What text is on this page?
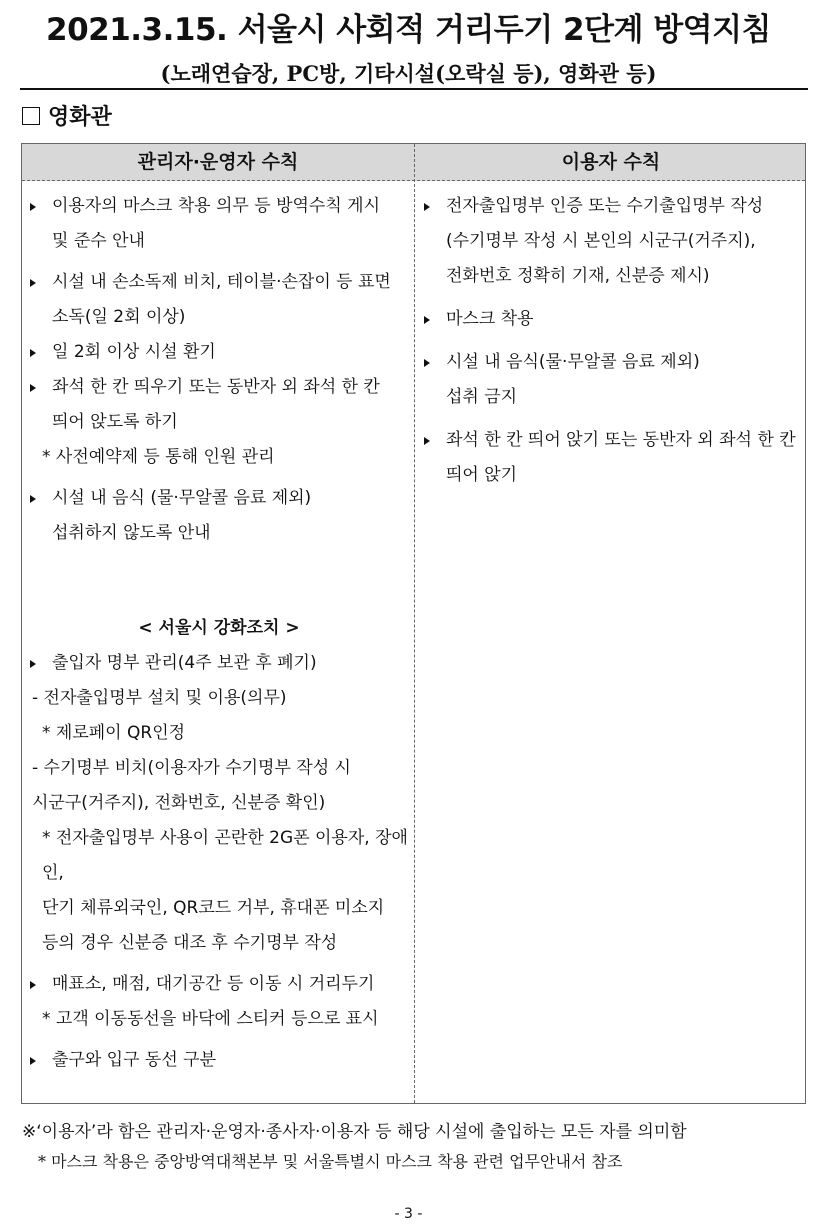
2021.3.15. 서울시 사회적 거리두기 2단계 방역지침
(노래연습장, PC방, 기타시설(오락실 등), 영화관 등)
영화관
관리자·운영자 수칙	이용자 수칙
이용자의 마스크 착용 의무 등 방역수칙 게시
및 준수 안내
시설 내 손소독제 비치, 테이블·손잡이 등 표면
소독(일 2회 이상)
일 2회 이상 시설 환기
좌석 한 칸 띄우기 또는 동반자 외 좌석 한 칸
띄어 앉도록 하기
* 사전예약제 등 통해 인원 관리
시설 내 음식 (물·무알콜 음료 제외)
섭취하지 않도록 안내
< 서울시 강화조치 >
출입자 명부 관리(4주 보관 후 폐기)
- 전자출입명부 설치 및 이용(의무)
* 제로페이 QR인정
- 수기명부 비치(이용자가 수기명부 작성 시
시군구(거주지), 전화번호, 신분증 확인)
* 전자출입명부 사용이 곤란한 2G폰 이용자, 장애인,
단기 체류외국인, QR코드 거부, 휴대폰 미소지
등의 경우 신분증 대조 후 수기명부 작성
매표소, 매점, 대기공간 등 이동 시 거리두기
* 고객 이동동선을 바닥에 스티커 등으로 표시
출구와 입구 동선 구분
전자출입명부 인증 또는 수기출입명부 작성
(수기명부 작성 시 본인의 시군구(거주지),
전화번호 정확히 기재, 신분증 제시)
마스크 착용
시설 내 음식(물·무알콜 음료 제외)
섭취 금지
좌석 한 칸 띄어 앉기 또는 동반자 외 좌석 한 칸
띄어 앉기
※‘이용자’라 함은 관리자·운영자·종사자·이용자 등 해당 시설에 출입하는 모든 자를 의미함
* 마스크 착용은 중앙방역대책본부 및 서울특별시 마스크 착용 관련 업무안내서 참조
- 3 -
